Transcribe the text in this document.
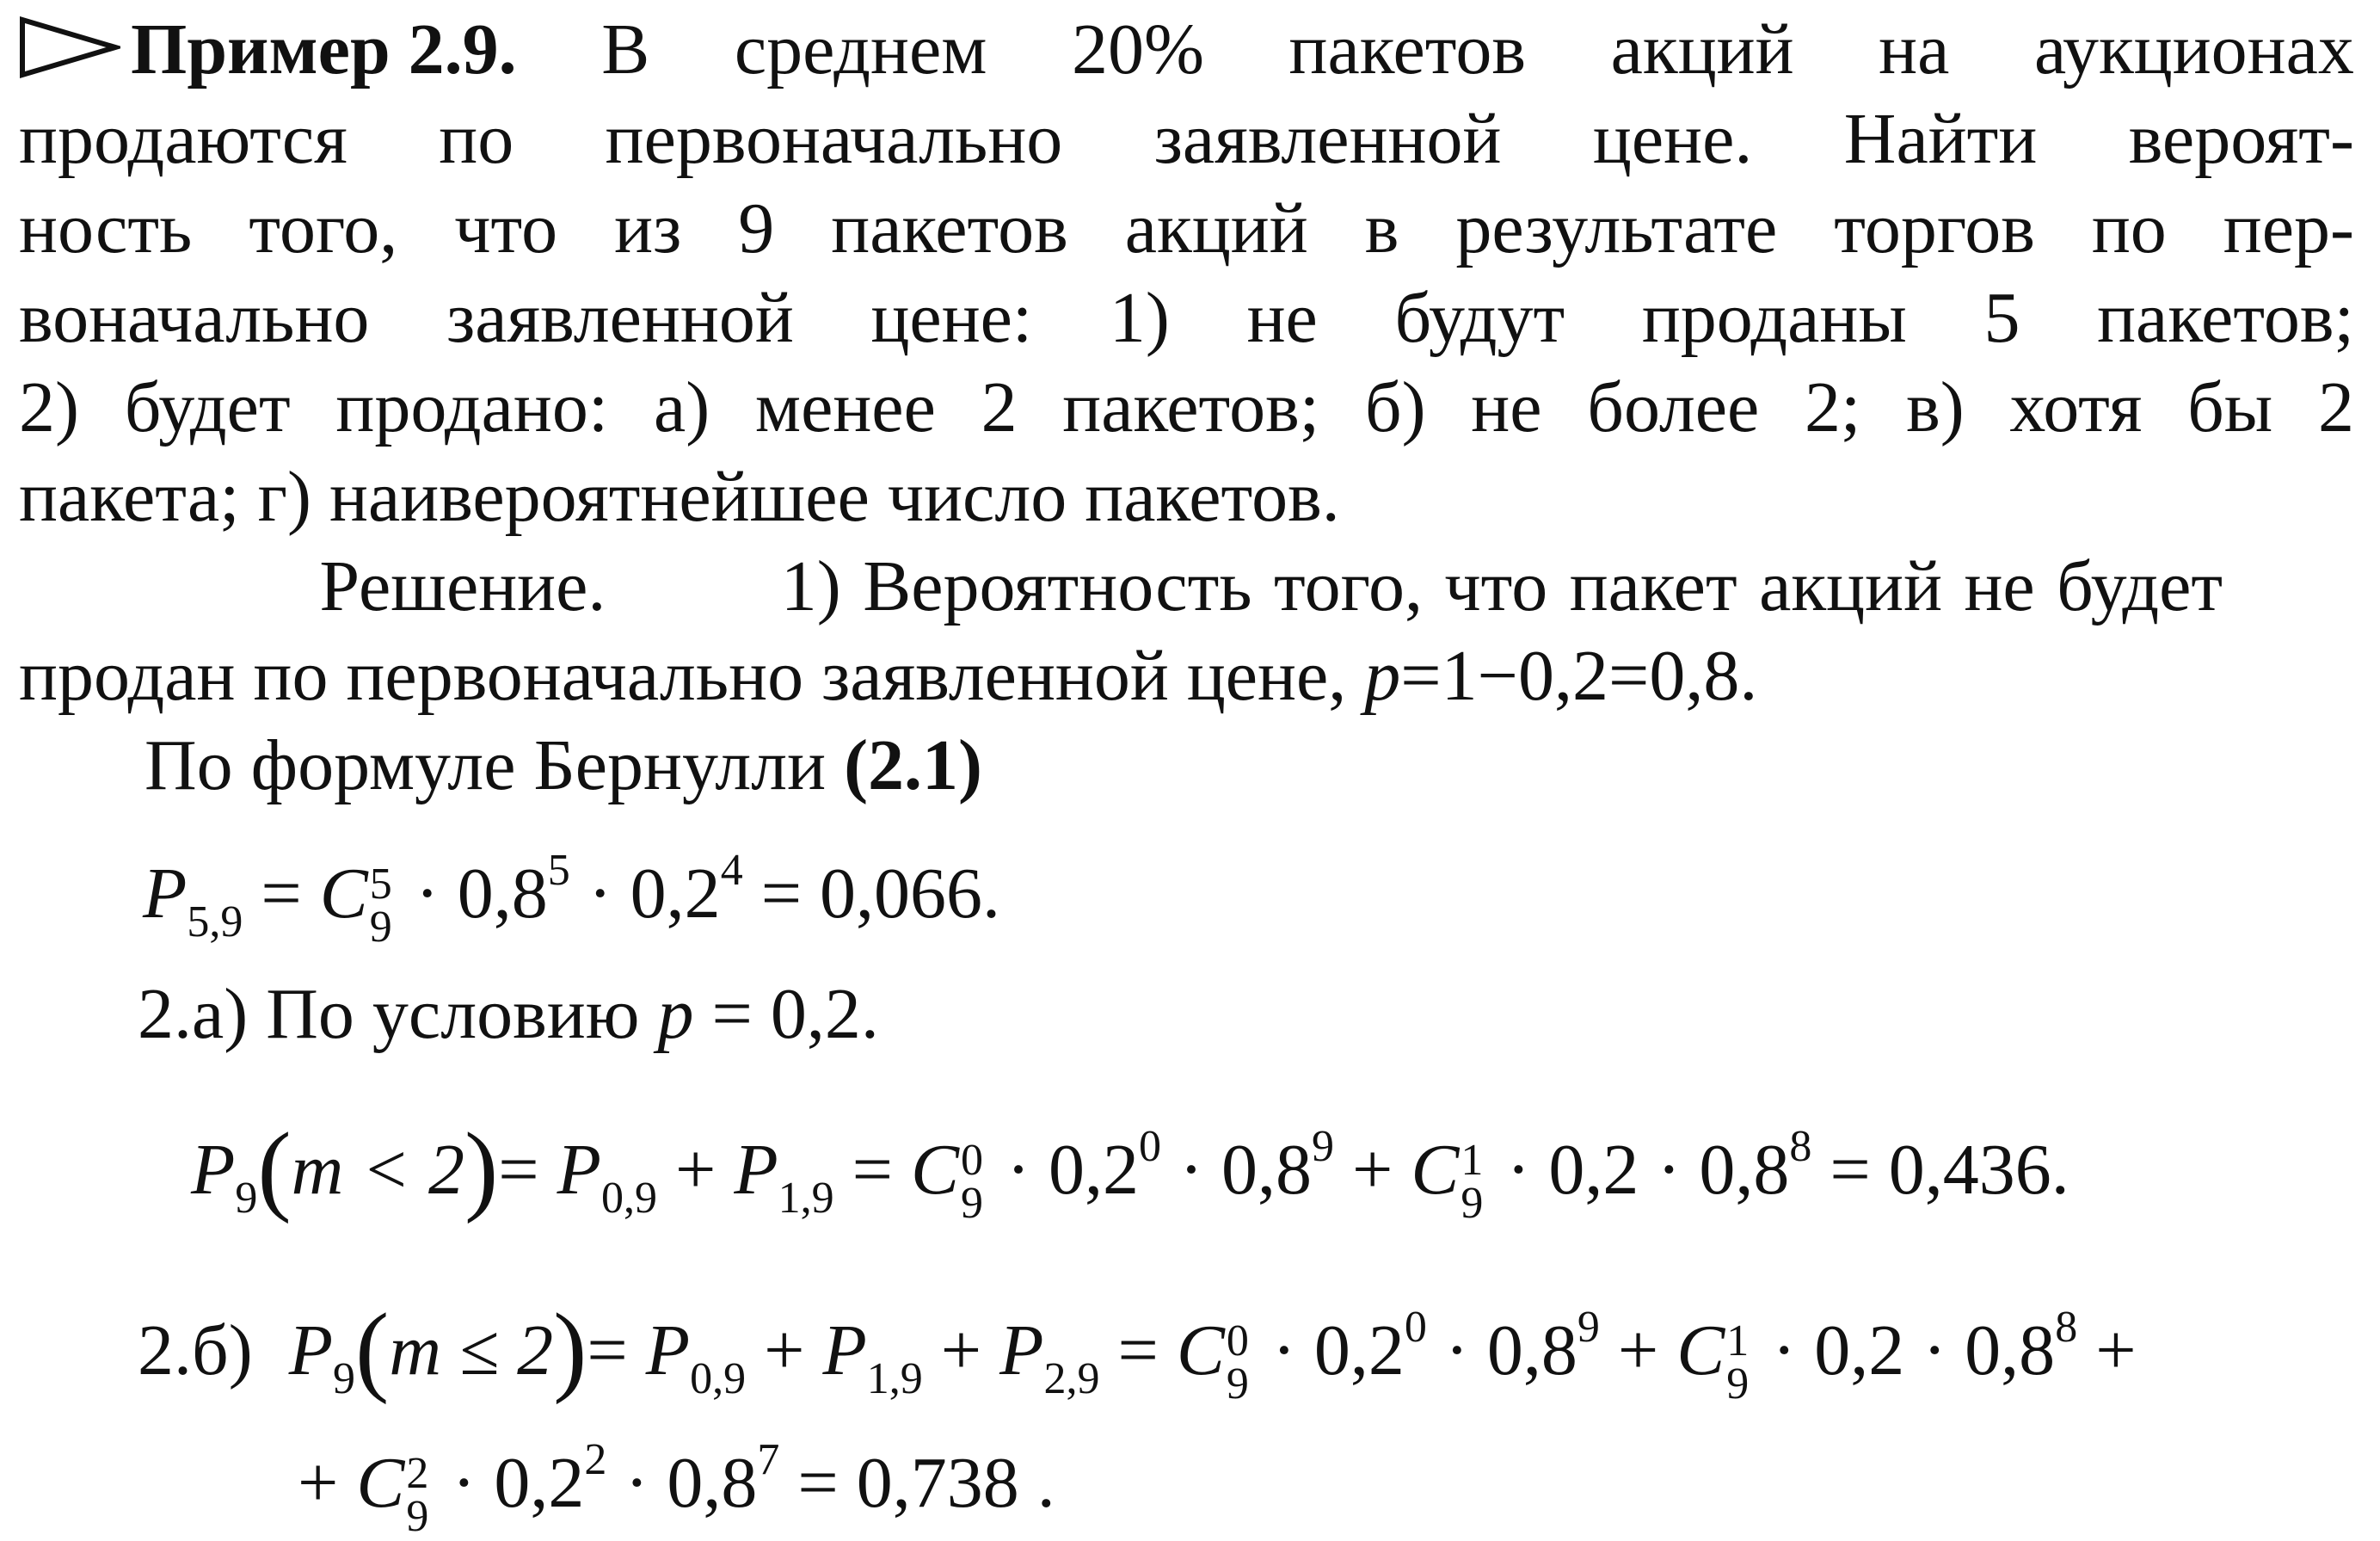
Пример 2.9. В среднем 20% пакетов акций на аукционах
продаются по первоначально заявленной цене. Найти вероят-
ность того, что из 9 пакетов акций в результате торгов по пер-
воначально заявленной цене: 1) не будут проданы 5 пакетов;
2) будет продано: а) менее 2 пакетов; б) не более 2; в) хотя бы 2
пакета; г) наивероятнейшее число пакетов.
Решение. 1) Вероятность того, что пакет акций не будет
продан по первоначально заявленной цене, p=1−0,2=0,8.
По формуле Бернулли (2.1)
$P_{5,9} = C$ 5
$9 \cdot 0,8^5 \cdot 0,2^4 = 0,066$.
2.а) По условию p = 0,2.
$P_9(m < 2)= P_{0,9} + P_{1,9} = C$ 0
$9 \cdot 0,2^0 \cdot 0,8^9 + C$ 1
$9 \cdot 0,2 \cdot 0,8^8 = 0,436$.
2.б) $P_9(m \le 2)= P_{0,9} + P_{1,9} + P_{2,9} = C$ 0
$9 \cdot 0,2^0 \cdot 0,8^9 + C$ 1
$9 \cdot 0,2 \cdot 0,8^8$ +
+ C 2
$9 \cdot 0,2^2 \cdot 0,8^7 = 0,738$ .
